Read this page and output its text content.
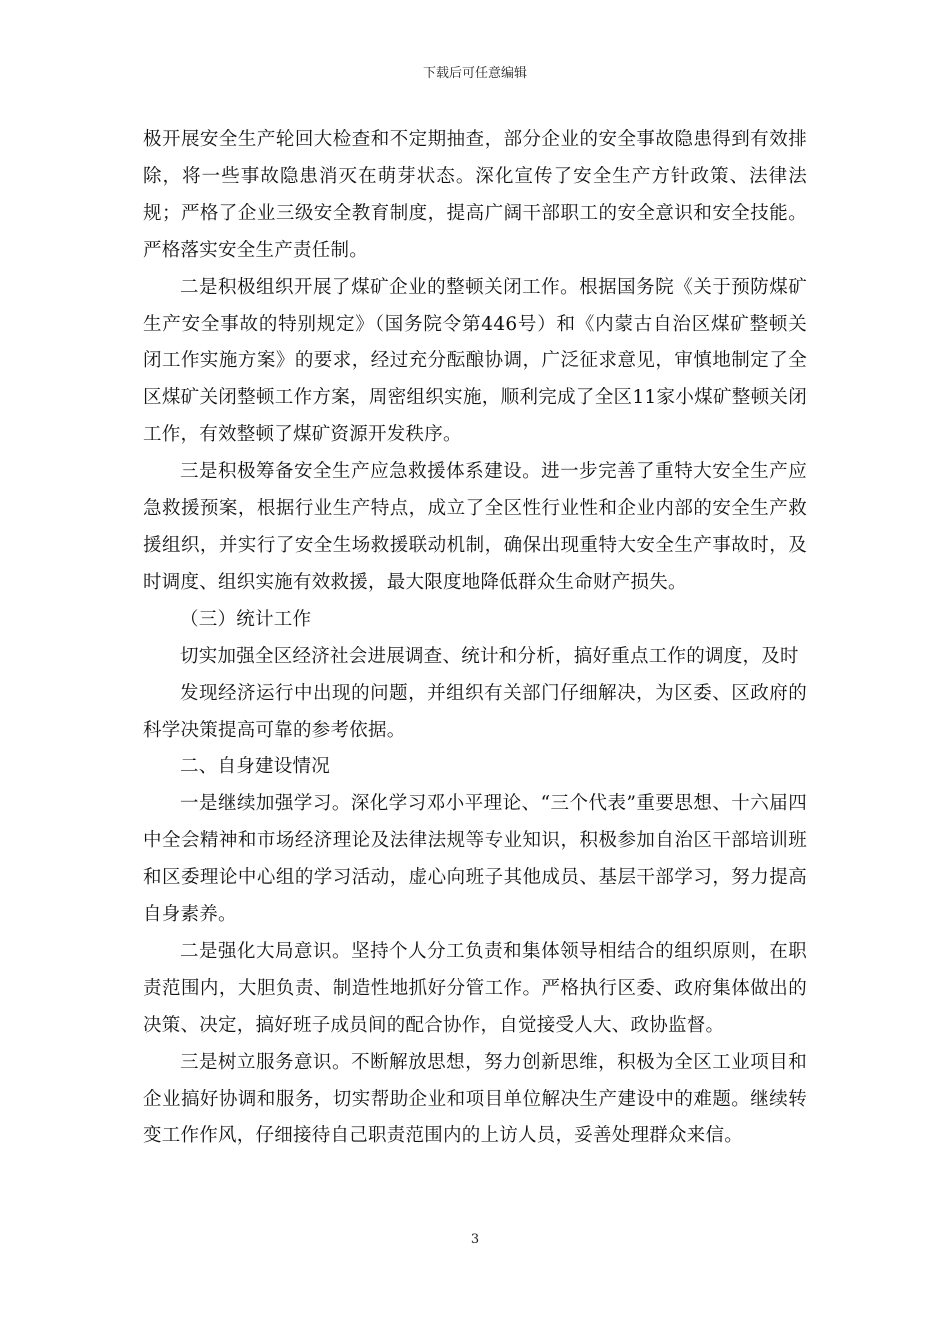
下载后可任意编辑

极开展安全生产轮回大检查和不定期抽查，部分企业的安全事故隐患得到有效排除，将一些事故隐患消灭在萌芽状态。深化宣传了安全生产方针政策、法律法规；严格了企业三级安全教育制度，提高广阔干部职工的安全意识和安全技能。严格落实安全生产责任制。

二是积极组织开展了煤矿企业的整顿关闭工作。根据国务院《关于预防煤矿生产安全事故的特别规定》（国务院令第446号）和《内蒙古自治区煤矿整顿关闭工作实施方案》的要求，经过充分酝酿协调，广泛征求意见，审慎地制定了全区煤矿关闭整顿工作方案，周密组织实施，顺利完成了全区11家小煤矿整顿关闭工作，有效整顿了煤矿资源开发秩序。

三是积极筹备安全生产应急救援体系建设。进一步完善了重特大安全生产应急救援预案，根据行业生产特点，成立了全区性行业性和企业内部的安全生产救援组织，并实行了安全生场救援联动机制，确保出现重特大安全生产事故时，及时调度、组织实施有效救援，最大限度地降低群众生命财产损失。

（三）统计工作

切实加强全区经济社会进展调查、统计和分析，搞好重点工作的调度，及时

发现经济运行中出现的问题，并组织有关部门仔细解决，为区委、区政府的科学决策提高可靠的参考依据。

二、自身建设情况

一是继续加强学习。深化学习邓小平理论、“三个代表”重要思想、十六届四中全会精神和市场经济理论及法律法规等专业知识，积极参加自治区干部培训班和区委理论中心组的学习活动，虚心向班子其他成员、基层干部学习，努力提高自身素养。

二是强化大局意识。坚持个人分工负责和集体领导相结合的组织原则，在职责范围内，大胆负责、制造性地抓好分管工作。严格执行区委、政府集体做出的决策、决定，搞好班子成员间的配合协作，自觉接受人大、政协监督。

三是树立服务意识。不断解放思想，努力创新思维，积极为全区工业项目和企业搞好协调和服务，切实帮助企业和项目单位解决生产建设中的难题。继续转变工作作风，仔细接待自己职责范围内的上访人员，妥善处理群众来信。

3
